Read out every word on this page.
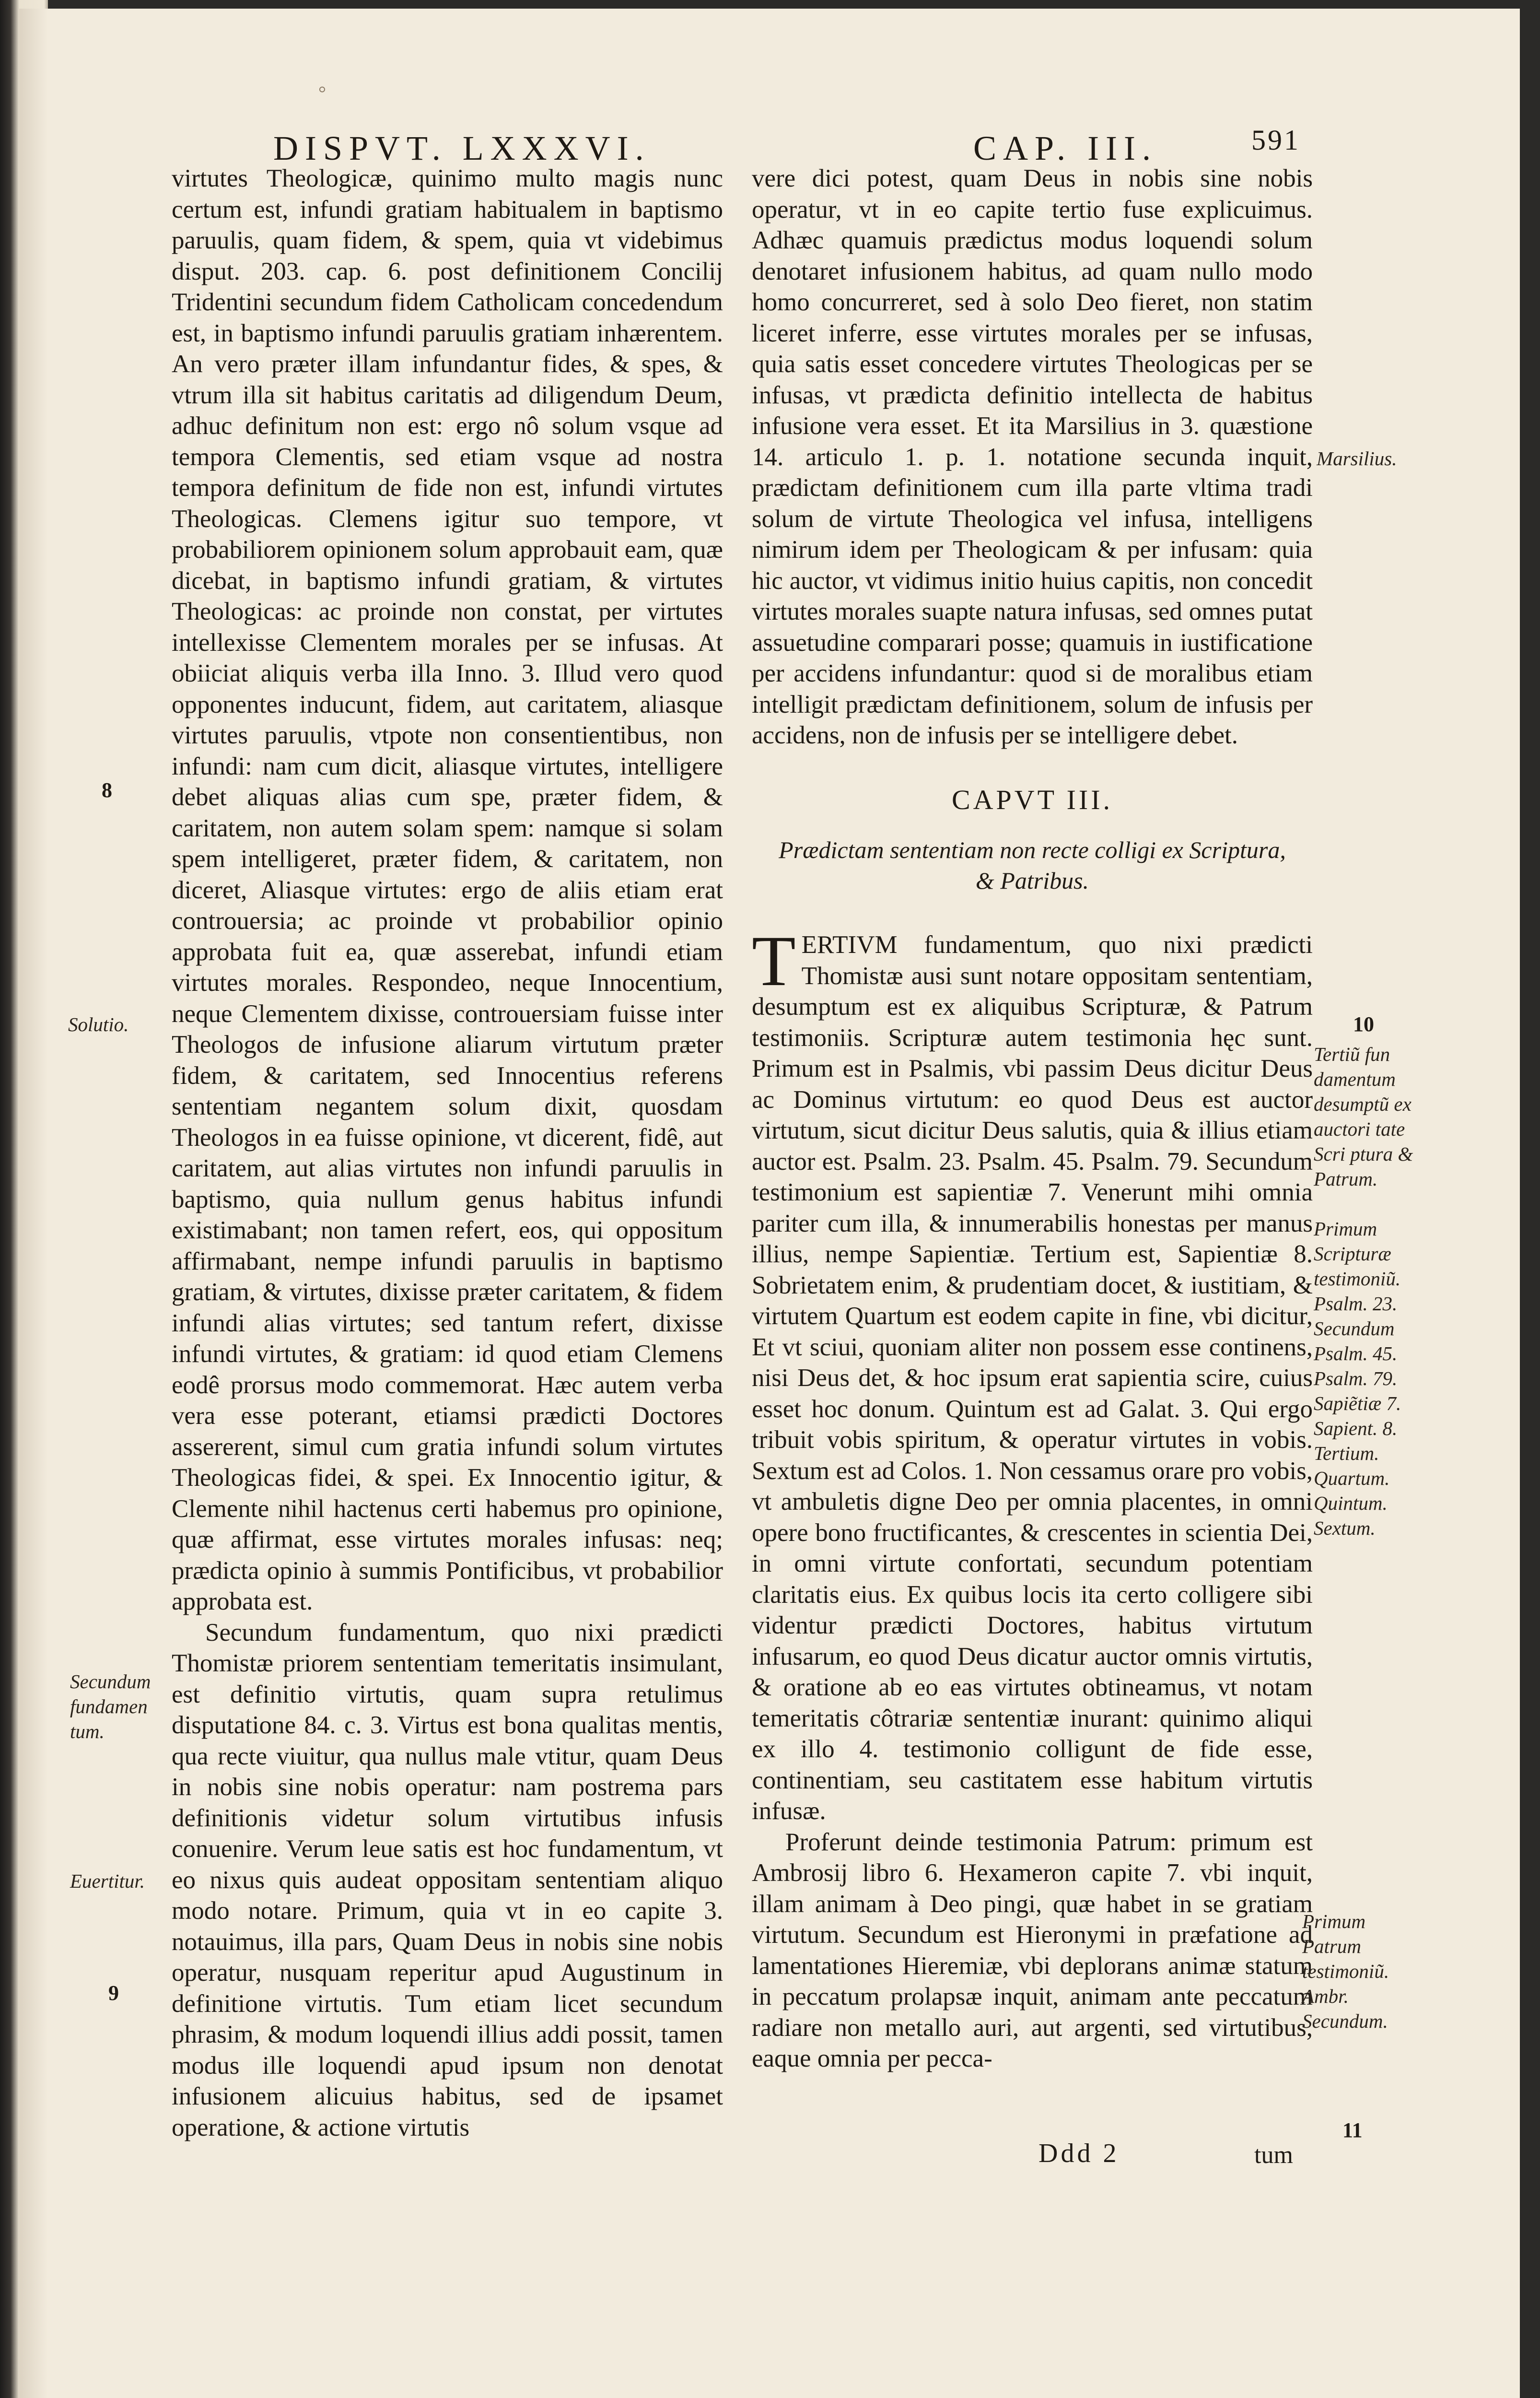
°
DISPVT. LXXXVI.	CAP. III.	591

virtutes Theologicæ, quinimo multo magis nunc certum est, infundi gratiam habitualem in baptismo paruulis, quam fidem, & spem, quia vt videbimus disput. 203. cap. 6. post definitionem Concilij Tridentini secundum fidem Catholicam concedendum est, in baptismo infundi paruulis gratiam inhærentem. An vero præter illam infundantur fides, & spes, & vtrum illa sit habitus caritatis ad diligendum Deum, adhuc definitum non est: ergo nô solum vsque ad tempora Clementis, sed etiam vsque ad nostra tempora definitum de fide non est, infundi virtutes Theologicas. Clemens igitur suo tempore, vt probabiliorem opinionem solum approbauit eam, quæ dicebat, in baptismo infundi gratiam, & virtutes Theologicas: ac proinde non constat, per virtutes intellexisse Clementem morales per se infusas. At obiiciat aliquis verba illa Inno. 3. Illud vero quod opponentes inducunt, fidem, aut caritatem, aliasque virtutes paruulis, vtpote non consentientibus, non infundi: nam cum dicit, aliasque virtutes, intelligere debet aliquas alias cum spe, præter fidem, & caritatem, non autem solam spem: namque si solam spem intelligeret, præter fidem, & caritatem, non diceret, Aliasque virtutes: ergo de aliis etiam erat controuersia; ac proinde vt probabilior opinio approbata fuit ea, quæ asserebat, infundi etiam virtutes morales. Respondeo, neque Innocentium, neque Clementem dixisse, controuersiam fuisse inter Theologos de infusione aliarum virtutum præter fidem, & caritatem, sed Innocentius referens sententiam negantem solum dixit, quosdam Theologos in ea fuisse opinione, vt dicerent, fidê, aut caritatem, aut alias virtutes non infundi paruulis in baptismo, quia nullum genus habitus infundi existimabant; non tamen refert, eos, qui oppositum affirmabant, nempe infundi paruulis in baptismo gratiam, & virtutes, dixisse præter caritatem, & fidem infundi alias virtutes; sed tantum refert, dixisse infundi virtutes, & gratiam: id quod etiam Clemens eodê prorsus modo commemorat. Hæc autem verba vera esse poterant, etiamsi prædicti Doctores assererent, simul cum gratia infundi solum virtutes Theologicas fidei, & spei. Ex Innocentio igitur, & Clemente nihil hactenus certi habemus pro opinione, quæ affirmat, esse virtutes morales infusas: neq; prædicta opinio à summis Pontificibus, vt probabilior approbata est.

Secundum fundamentum, quo nixi prædicti Thomistæ priorem sententiam temeritatis insimulant, est definitio virtutis, quam supra retulimus disputatione 84. c. 3. Virtus est bona qualitas mentis, qua recte viuitur, qua nullus male vtitur, quam Deus in nobis sine nobis operatur: nam postrema pars definitionis videtur solum virtutibus infusis conuenire. Verum leue satis est hoc fundamentum, vt eo nixus quis audeat oppositam sententiam aliquo modo notare. Primum, quia vt in eo capite 3. notauimus, illa pars, Quam Deus in nobis sine nobis operatur, nusquam reperitur apud Augustinum in definitione virtutis. Tum etiam licet secundum phrasim, & modum loquendi illius addi possit, tamen modus ille loquendi apud ipsum non denotat infusionem alicuius habitus, sed de ipsamet operatione, & actione virtutis

vere dici potest, quam Deus in nobis sine nobis operatur, vt in eo capite tertio fuse explicuimus. Adhæc quamuis prædictus modus loquendi solum denotaret infusionem habitus, ad quam nullo modo homo concurreret, sed à solo Deo fieret, non statim liceret inferre, esse virtutes morales per se infusas, quia satis esset concedere virtutes Theologicas per se infusas, vt prædicta definitio intellecta de habitus infusione vera esset. Et ita Marsilius in 3. quæstione 14. articulo 1. p. 1. notatione secunda inquit, prædictam definitionem cum illa parte vltima tradi solum de virtute Theologica vel infusa, intelligens nimirum idem per Theologicam & per infusam: quia hic auctor, vt vidimus initio huius capitis, non concedit virtutes morales suapte natura infusas, sed omnes putat assuetudine comparari posse; quamuis in iustificatione per accidens infundantur: quod si de moralibus etiam intelligit prædictam definitionem, solum de infusis per accidens, non de infusis per se intelligere debet.

CAPVT III.
Prædictam sententiam non recte colligi ex Scriptura, & Patribus.

TERTIVM fundamentum, quo nixi prædicti Thomistæ ausi sunt notare oppositam sententiam, desumptum est ex aliquibus Scripturæ, & Patrum testimoniis. Scripturæ autem testimonia hęc sunt. Primum est in Psalmis, vbi passim Deus dicitur Deus ac Dominus virtutum: eo quod Deus est auctor virtutum, sicut dicitur Deus salutis, quia & illius etiam auctor est. Psalm. 23. Psalm. 45. Psalm. 79. Secundum testimonium est sapientiæ 7. Venerunt mihi omnia pariter cum illa, & innumerabilis honestas per manus illius, nempe Sapientiæ. Tertium est, Sapientiæ 8. Sobrietatem enim, & prudentiam docet, & iustitiam, & virtutem Quartum est eodem capite in fine, vbi dicitur, Et vt sciui, quoniam aliter non possem esse continens, nisi Deus det, & hoc ipsum erat sapientia scire, cuius esset hoc donum. Quintum est ad Galat. 3. Qui ergo tribuit vobis spiritum, & operatur virtutes in vobis. Sextum est ad Colos. 1. Non cessamus orare pro vobis, vt ambuletis digne Deo per omnia placentes, in omni opere bono fructificantes, & crescentes in scientia Dei, in omni virtute confortati, secundum potentiam claritatis eius. Ex quibus locis ita certo colligere sibi videntur prædicti Doctores, habitus virtutum infusarum, eo quod Deus dicatur auctor omnis virtutis, & oratione ab eo eas virtutes obtineamus, vt notam temeritatis côtrariæ sententiæ inurant: quinimo aliqui ex illo 4. testimonio colligunt de fide esse, continentiam, seu castitatem esse habitum virtutis infusæ.

Proferunt deinde testimonia Patrum: primum est Ambrosij libro 6. Hexameron capite 7. vbi inquit, illam animam à Deo pingi, quæ habet in se gratiam virtutum. Secundum est Hieronymi in præfatione ad lamentationes Hieremiæ, vbi deplorans animæ statum in peccatum prolapsæ inquit, animam ante peccatum radiare non metallo auri, aut argenti, sed virtutibus, eaque omnia per pecca-

8
Solutio.
Secundum fundamen tum.
Euertitur.
9
Marsilius.
10
Tertiũ fun damentum desumptũ ex auctori tate Scri ptura & Patrum.
Primum Scripturæ testimoniũ. Psalm. 23. Secundum Psalm. 45. Psalm. 79. Sapiẽtiæ 7. Sapient. 8. Tertium. Quartum. Quintum. Sextum.
Primum Patrum testimoniũ. Ambr. Secundum.
11
Ddd 2	tum
